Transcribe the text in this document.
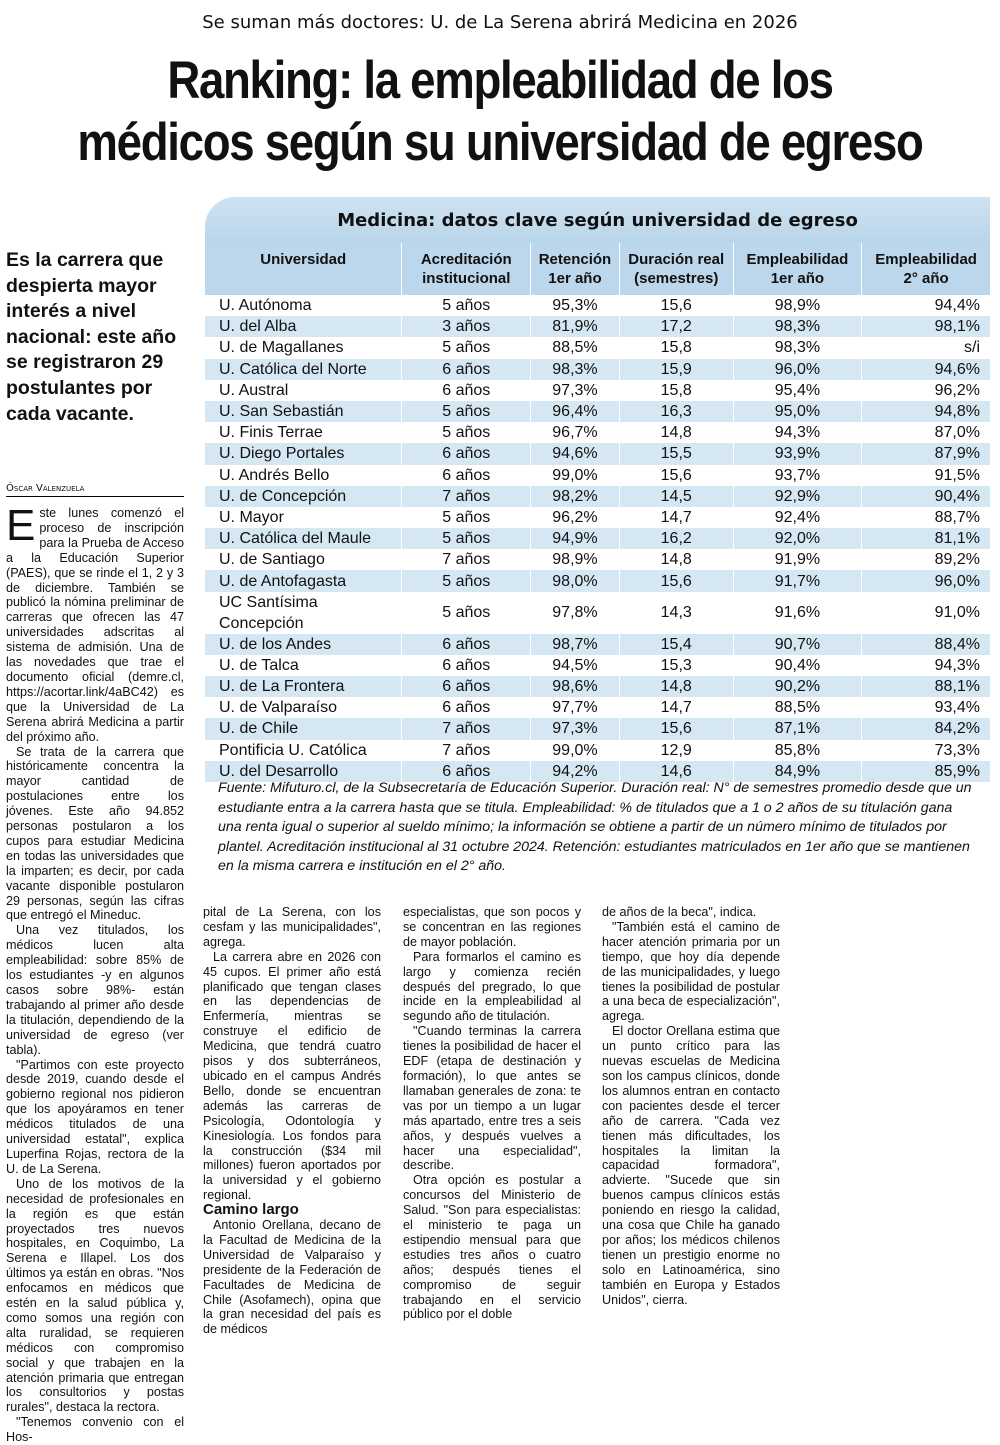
Se suman más doctores: U. de La Serena abrirá Medicina en 2026
Ranking: la empleabilidad de los
médicos según su universidad de egreso
Es la carrera que despierta mayor interés a nivel nacional: este año se registraron 29 postulantes por cada vacante.
Óscar Valenzuela
Medicina: datos clave según universidad de egreso
Universidad	Acreditación institucional	Retención 1er año	Duración real (semestres)	Empleabilidad 1er año	Empleabilidad 2° año
U. Autónoma	5 años	95,3%	15,6	98,9%	94,4%
U. del Alba	3 años	81,9%	17,2	98,3%	98,1%
U. de Magallanes	5 años	88,5%	15,8	98,3%	s/i
U. Católica del Norte	6 años	98,3%	15,9	96,0%	94,6%
U. Austral	6 años	97,3%	15,8	95,4%	96,2%
U. San Sebastián	5 años	96,4%	16,3	95,0%	94,8%
U. Finis Terrae	5 años	96,7%	14,8	94,3%	87,0%
U. Diego Portales	6 años	94,6%	15,5	93,9%	87,9%
U. Andrés Bello	6 años	99,0%	15,6	93,7%	91,5%
U. de Concepción	7 años	98,2%	14,5	92,9%	90,4%
U. Mayor	5 años	96,2%	14,7	92,4%	88,7%
U. Católica del Maule	5 años	94,9%	16,2	92,0%	81,1%
U. de Santiago	7 años	98,9%	14,8	91,9%	89,2%
U. de Antofagasta	5 años	98,0%	15,6	91,7%	96,0%
UC Santísima Concepción	5 años	97,8%	14,3	91,6%	91,0%
U. de los Andes	6 años	98,7%	15,4	90,7%	88,4%
U. de Talca	6 años	94,5%	15,3	90,4%	94,3%
U. de La Frontera	6 años	98,6%	14,8	90,2%	88,1%
U. de Valparaíso	6 años	97,7%	14,7	88,5%	93,4%
U. de Chile	7 años	97,3%	15,6	87,1%	84,2%
Pontificia U. Católica	7 años	99,0%	12,9	85,8%	73,3%
U. del Desarrollo	6 años	94,2%	14,6	84,9%	85,9%
Fuente: Mifuturo.cl, de la Subsecretaría de Educación Superior. Duración real: N° de semestres promedio desde que un estudiante entra a la carrera hasta que se titula. Empleabilidad: % de titulados que a 1 o 2 años de su titulación gana una renta igual o superior al sueldo mínimo; la información se obtiene a partir de un número mínimo de titulados por plantel. Acreditación institucional al 31 octubre 2024. Retención: estudiantes matriculados en 1er año que se mantienen en la misma carrera e institución en el 2° año.

Este lunes comenzó el proceso de inscripción para la Prueba de Acceso a la Educación Superior (PAES), que se rinde el 1, 2 y 3 de diciembre. También se publicó la nómina preliminar de carreras que ofrecen las 47 universidades adscritas al sistema de admisión. Una de las novedades que trae el documento oficial (demre.cl, https://acortar.link/4aBC42) es que la Universidad de La Serena abrirá Medicina a partir del próximo año.

Se trata de la carrera que históricamente concentra la mayor cantidad de postulaciones entre los jóvenes. Este año 94.852 personas postularon a los cupos para estudiar Medicina en todas las universidades que la imparten; es decir, por cada vacante disponible postularon 29 personas, según las cifras que entregó el Mineduc.

Una vez titulados, los médicos lucen alta empleabilidad: sobre 85% de los estudiantes -y en algunos casos sobre 98%- están trabajando al primer año desde la titulación, dependiendo de la universidad de egreso (ver tabla).

"Partimos con este proyecto desde 2019, cuando desde el gobierno regional nos pidieron que los apoyáramos en tener médicos titulados de una universidad estatal", explica Luperfina Rojas, rectora de la U. de La Serena.

Uno de los motivos de la necesidad de profesionales en la región es que están proyectados tres nuevos hospitales, en Coquimbo, La Serena e Illapel. Los dos últimos ya están en obras. "Nos enfocamos en médicos que estén en la salud pública y, como somos una región con alta ruralidad, se requieren médicos con compromiso social y que trabajen en la atención primaria que entregan los consultorios y postas rurales", destaca la rectora.

"Tenemos convenio con el Hos-

pital de La Serena, con los cesfam y las municipalidades", agrega.

La carrera abre en 2026 con 45 cupos. El primer año está planificado que tengan clases en las dependencias de Enfermería, mientras se construye el edificio de Medicina, que tendrá cuatro pisos y dos subterráneos, ubicado en el campus Andrés Bello, donde se encuentran además las carreras de Psicología, Odontología y Kinesiología. Los fondos para la construcción ($34 mil millones) fueron aportados por la universidad y el gobierno regional.

Camino largo

Antonio Orellana, decano de la Facultad de Medicina de la Universidad de Valparaíso y presidente de la Federación de Facultades de Medicina de Chile (Asofamech), opina que la gran necesidad del país es de médicos

especialistas, que son pocos y se concentran en las regiones de mayor población.

Para formarlos el camino es largo y comienza recién después del pregrado, lo que incide en la empleabilidad al segundo año de titulación.

"Cuando terminas la carrera tienes la posibilidad de hacer el EDF (etapa de destinación y formación), lo que antes se llamaban generales de zona: te vas por un tiempo a un lugar más apartado, entre tres a seis años, y después vuelves a hacer una especialidad", describe.

Otra opción es postular a concursos del Ministerio de Salud. "Son para especialistas: el ministerio te paga un estipendio mensual para que estudies tres años o cuatro años; después tienes el compromiso de seguir trabajando en el servicio público por el doble

de años de la beca", indica.

"También está el camino de hacer atención primaria por un tiempo, que hoy día depende de las municipalidades, y luego tienes la posibilidad de postular a una beca de especialización", agrega.

El doctor Orellana estima que un punto crítico para las nuevas escuelas de Medicina son los campus clínicos, donde los alumnos entran en contacto con pacientes desde el tercer año de carrera. "Cada vez tienen más dificultades, los hospitales la limitan la capacidad formadora", advierte. "Sucede que sin buenos campus clínicos estás poniendo en riesgo la calidad, una cosa que Chile ha ganado por años; los médicos chilenos tienen un prestigio enorme no solo en Latinoamérica, sino también en Europa y Estados Unidos", cierra.
